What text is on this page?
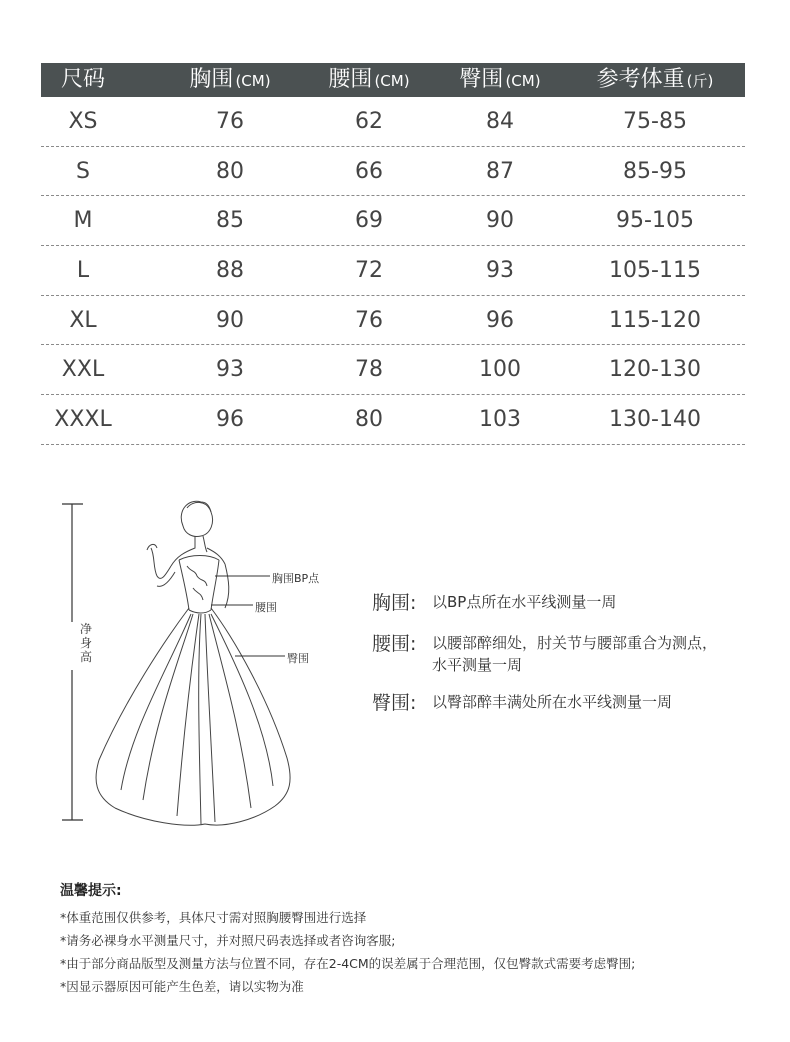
尺码	胸围 (CM)	腰围 (CM)	臀围 (CM)	参考体重 (斤)
XS	76	62	84	75-85
S	80	66	87	85-95
M	85	69	90	95-105
L	88	72	93	105-115
XL	90	76	96	115-120
XXL	93	78	100	120-130
XXXL	96	80	103	130-140
胸围BP点
腰围
臀围
净身高
胸围: 以BP点所在水平线测量一周
腰围: 以腰部醉细处，肘关节与腰部重合为测点，水平测量一周
臀围: 以臀部醉丰满处所在水平线测量一周
温馨提示:
*体重范围仅供参考，具体尺寸需对照胸腰臀围进行选择
*请务必裸身水平测量尺寸，并对照尺码表选择或者咨询客服;
*由于部分商品版型及测量方法与位置不同，存在2-4CM的误差属于合理范围，仅包臀款式需要考虑臀围;
*因显示器原因可能产生色差，请以实物为准
